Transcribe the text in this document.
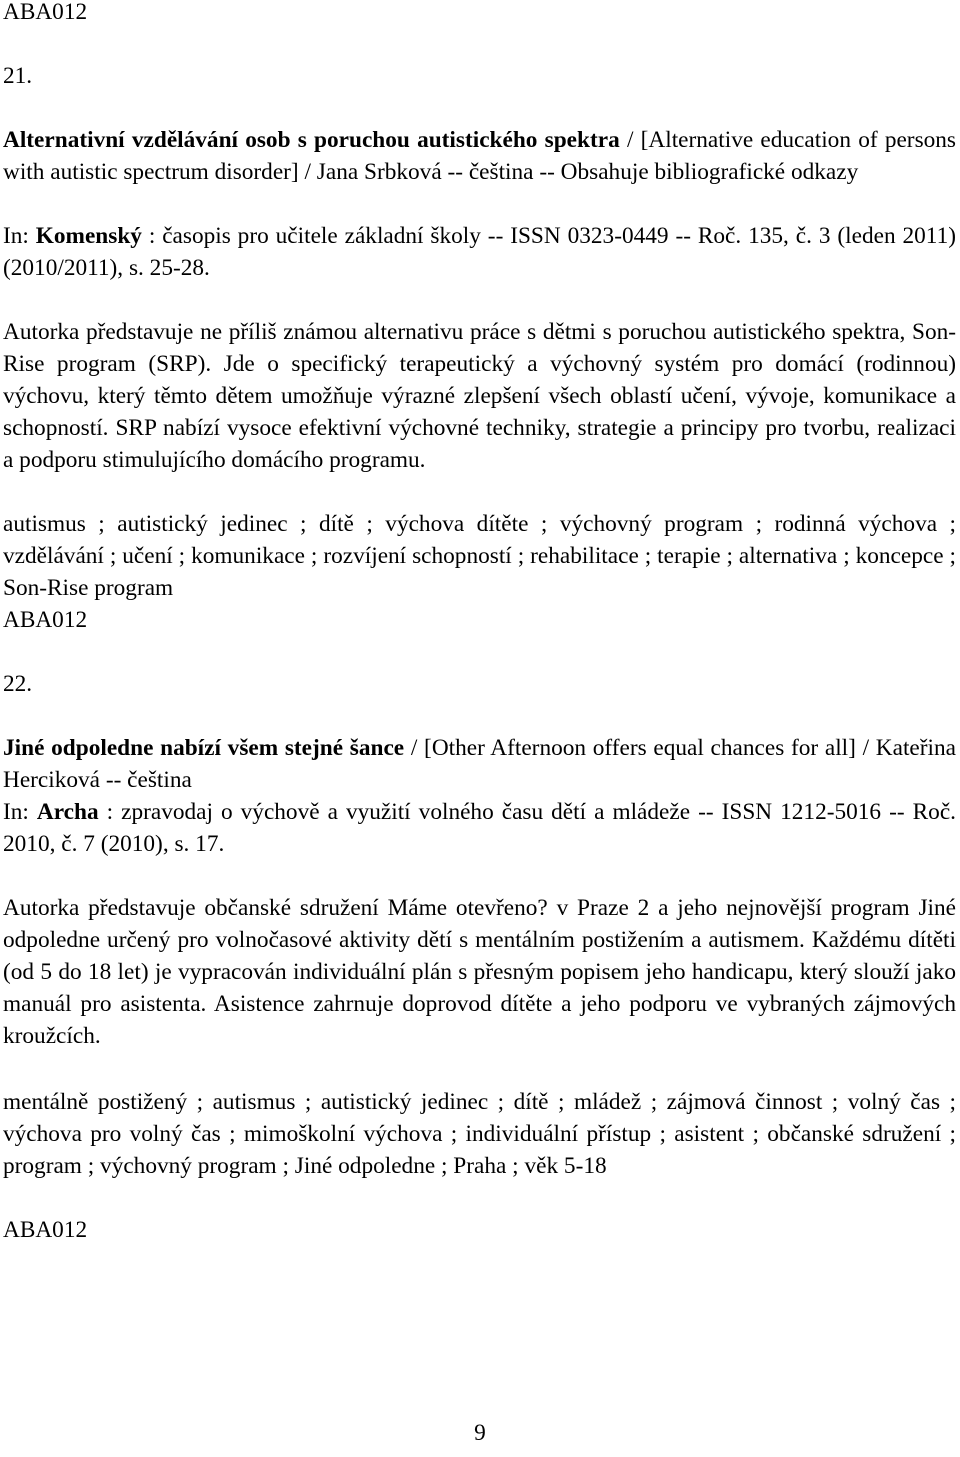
ABA012

21.

Alternativní vzdělávání osob s poruchou autistického spektra / [Alternative education of persons with autistic spectrum disorder] / Jana Srbková -- čeština -- Obsahuje bibliografické odkazy

In: Komenský : časopis pro učitele základní školy -- ISSN 0323-0449 -- Roč. 135, č. 3 (leden 2011) (2010/2011), s. 25-28.

Autorka představuje ne příliš známou alternativu práce s dětmi s poruchou autistického spektra, Son-Rise program (SRP). Jde o specifický terapeutický a výchovný systém pro domácí (rodinnou) výchovu, který těmto dětem umožňuje výrazné zlepšení všech oblastí učení, vývoje, komunikace a schopností. SRP nabízí vysoce efektivní výchovné techniky, strategie a principy pro tvorbu, realizaci a podporu stimulujícího domácího programu.

autismus ; autistický jedinec ; dítě ; výchova dítěte ; výchovný program ; rodinná výchova ; vzdělávání ; učení ; komunikace ; rozvíjení schopností ; rehabilitace ; terapie ; alternativa ; koncepce ; Son-Rise program

ABA012

22.

Jiné odpoledne nabízí všem stejné šance / [Other Afternoon offers equal chances for all] / Kateřina Herciková -- čeština

In: Archa : zpravodaj o výchově a využití volného času dětí a mládeže -- ISSN 1212-5016 -- Roč. 2010, č. 7 (2010), s. 17.

Autorka představuje občanské sdružení Máme otevřeno? v Praze 2 a jeho nejnovější program Jiné odpoledne určený pro volnočasové aktivity dětí s mentálním postižením a autismem. Každému dítěti (od 5 do 18 let) je vypracován individuální plán s přesným popisem jeho handicapu, který slouží jako manuál pro asistenta. Asistence zahrnuje doprovod dítěte a jeho podporu ve vybraných zájmových kroužcích.

mentálně postižený ; autismus ; autistický jedinec ; dítě ; mládež ; zájmová činnost ; volný čas ; výchova pro volný čas ; mimoškolní výchova ; individuální přístup ; asistent ; občanské sdružení ; program ; výchovný program ; Jiné odpoledne ; Praha ; věk 5-18

ABA012

9
